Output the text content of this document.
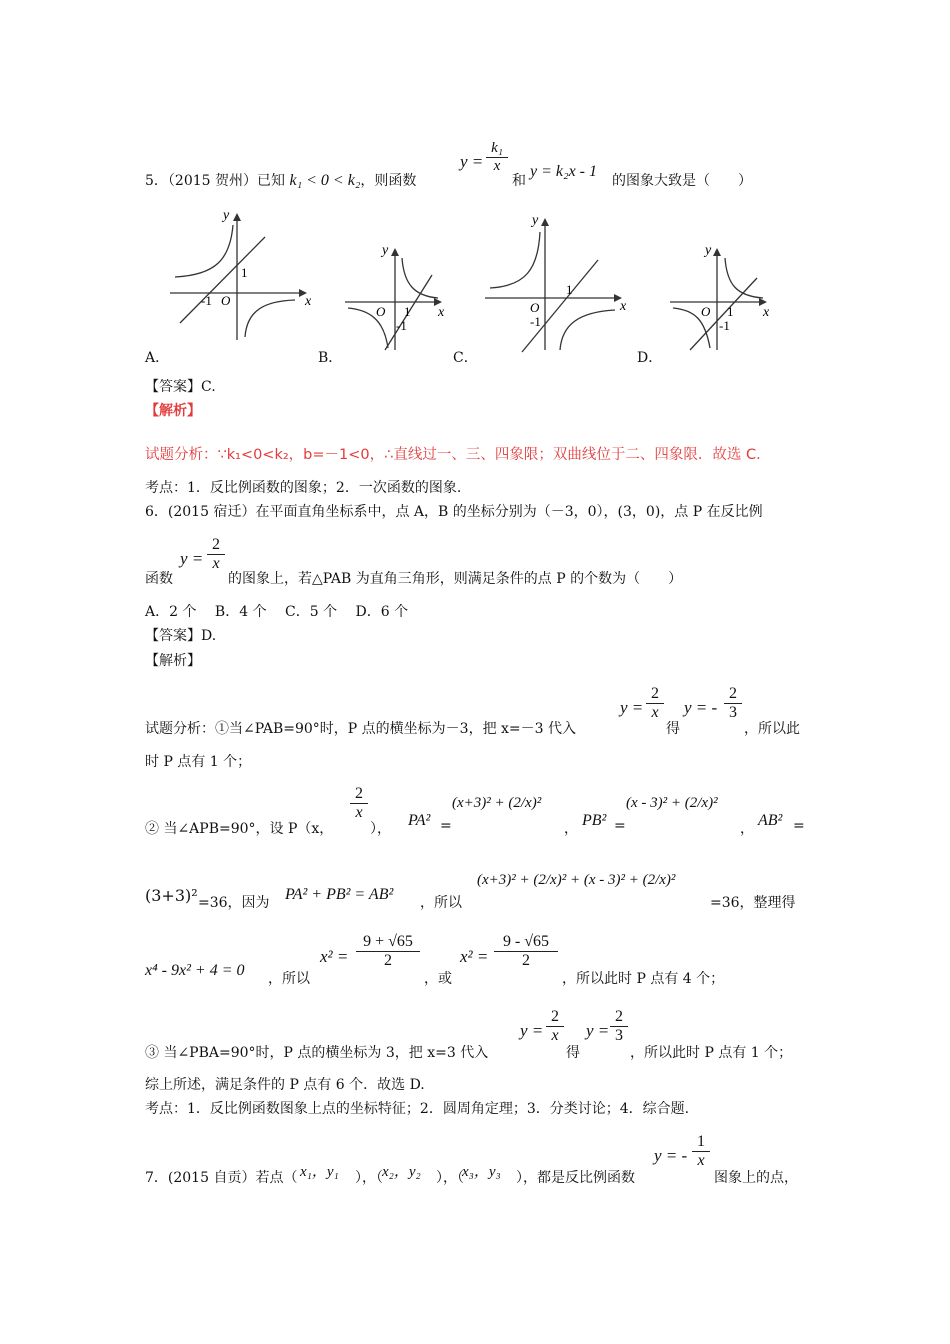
5．（2015 贺州）已知 k₁ < 0 < k₂，则函数
$y = \frac{\text{k₁}}{x}$
和
y = k₂x - 1
的图象大致是（　　）
x
y
O
1
-1
A．
x
y
O 1
-1
B．
x
y
O
1
-1
C．
x
y
O 1
-1
D．
【答案】C.
【解析】
试题分析：∵k₁<0<k₂，b=－1<0，∴直线过一、三、四象限；双曲线位于二、四象限．故选 C．
考点：1．反比例函数的图象；2．一次函数的图象.
6．(2015 宿迁）在平面直角坐标系中，点 A，B 的坐标分别为（－3，0），(3，0)，点 P 在反比例
函数
$y = \frac{2}{x}$
的图象上，若△PAB 为直角三角形，则满足条件的点 P 的个数为（　　）
A．2 个　 B．4 个　 C．5 个　 D．6 个
【答案】D.
【解析】
试题分析：①当∠PAB=90°时，P 点的横坐标为－3，把 x=－3 代入
$y = \frac{2}{x}$
得
y = - $\frac{2}{3}$
，所以此
时 P 点有 1 个；
② 当∠APB=90°，设 P（x，
$\frac{2}{x}$
）， PA² =
(x+3)² + (2/x)²
， PB² =
(x - 3)² + (2/x)²
， AB² =
(3+3)² =36，因为 PA² + PB² = AB² ，所以
(x+3)² + (2/x)² + (x - 3)² + (2/x)²
=36，整理得
x⁴ - 9x² + 4 = 0 ，所以
$x^2 = \frac{9 + √65}{2}$
，或
$x^2 = \frac{9 - √65}{2}$
，所以此时 P 点有 4 个；
③ 当∠PBA=90°时，P 点的横坐标为 3，把 x=3 代入
$y = \frac{2}{x}$
得
$y = \frac{2}{3}$
，所以此时 P 点有 1 个；
综上所述，满足条件的 P 点有 6 个．故选 D.
考点：1．反比例函数图象上点的坐标特征；2．圆周角定理；3．分类讨论；4．综合题.
7．(2015 自贡）若点（ x₁，y₁ ），（ x₂，y₂ ），（
x₃，y₃ ），都是反比例函数
y = - $\frac{1}{x}$
图象上的点，
